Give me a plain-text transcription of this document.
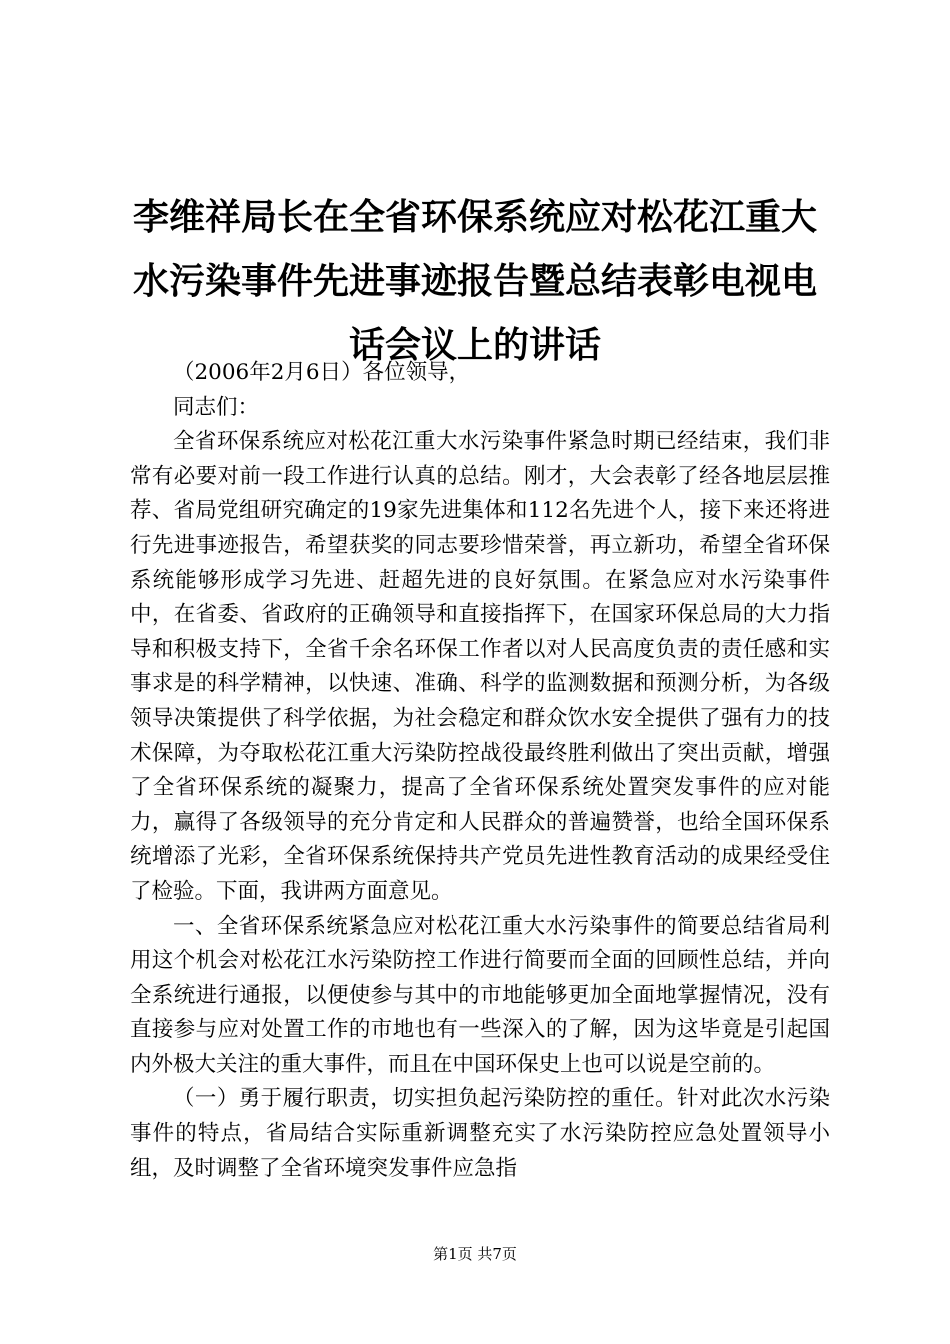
李维祥局长在全省环保系统应对松花江重大水污染事件先进事迹报告暨总结表彰电视电话会议上的讲话

（2006年2月6日）各位领导，

同志们：

全省环保系统应对松花江重大水污染事件紧急时期已经结束，我们非常有必要对前一段工作进行认真的总结。刚才，大会表彰了经各地层层推荐、省局党组研究确定的19家先进集体和112名先进个人，接下来还将进行先进事迹报告，希望获奖的同志要珍惜荣誉，再立新功，希望全省环保系统能够形成学习先进、赶超先进的良好氛围。在紧急应对水污染事件中，在省委、省政府的正确领导和直接指挥下，在国家环保总局的大力指导和积极支持下，全省千余名环保工作者以对人民高度负责的责任感和实事求是的科学精神，以快速、准确、科学的监测数据和预测分析，为各级领导决策提供了科学依据，为社会稳定和群众饮水安全提供了强有力的技术保障，为夺取松花江重大污染防控战役最终胜利做出了突出贡献，增强了全省环保系统的凝聚力，提高了全省环保系统处置突发事件的应对能力，赢得了各级领导的充分肯定和人民群众的普遍赞誉，也给全国环保系统增添了光彩，全省环保系统保持共产党员先进性教育活动的成果经受住了检验。下面，我讲两方面意见。

一、全省环保系统紧急应对松花江重大水污染事件的简要总结省局利用这个机会对松花江水污染防控工作进行简要而全面的回顾性总结，并向全系统进行通报，以便使参与其中的市地能够更加全面地掌握情况，没有直接参与应对处置工作的市地也有一些深入的了解，因为这毕竟是引起国内外极大关注的重大事件，而且在中国环保史上也可以说是空前的。

（一）勇于履行职责，切实担负起污染防控的重任。针对此次水污染事件的特点，省局结合实际重新调整充实了水污染防控应急处置领导小组，及时调整了全省环境突发事件应急指

第1页 共7页
